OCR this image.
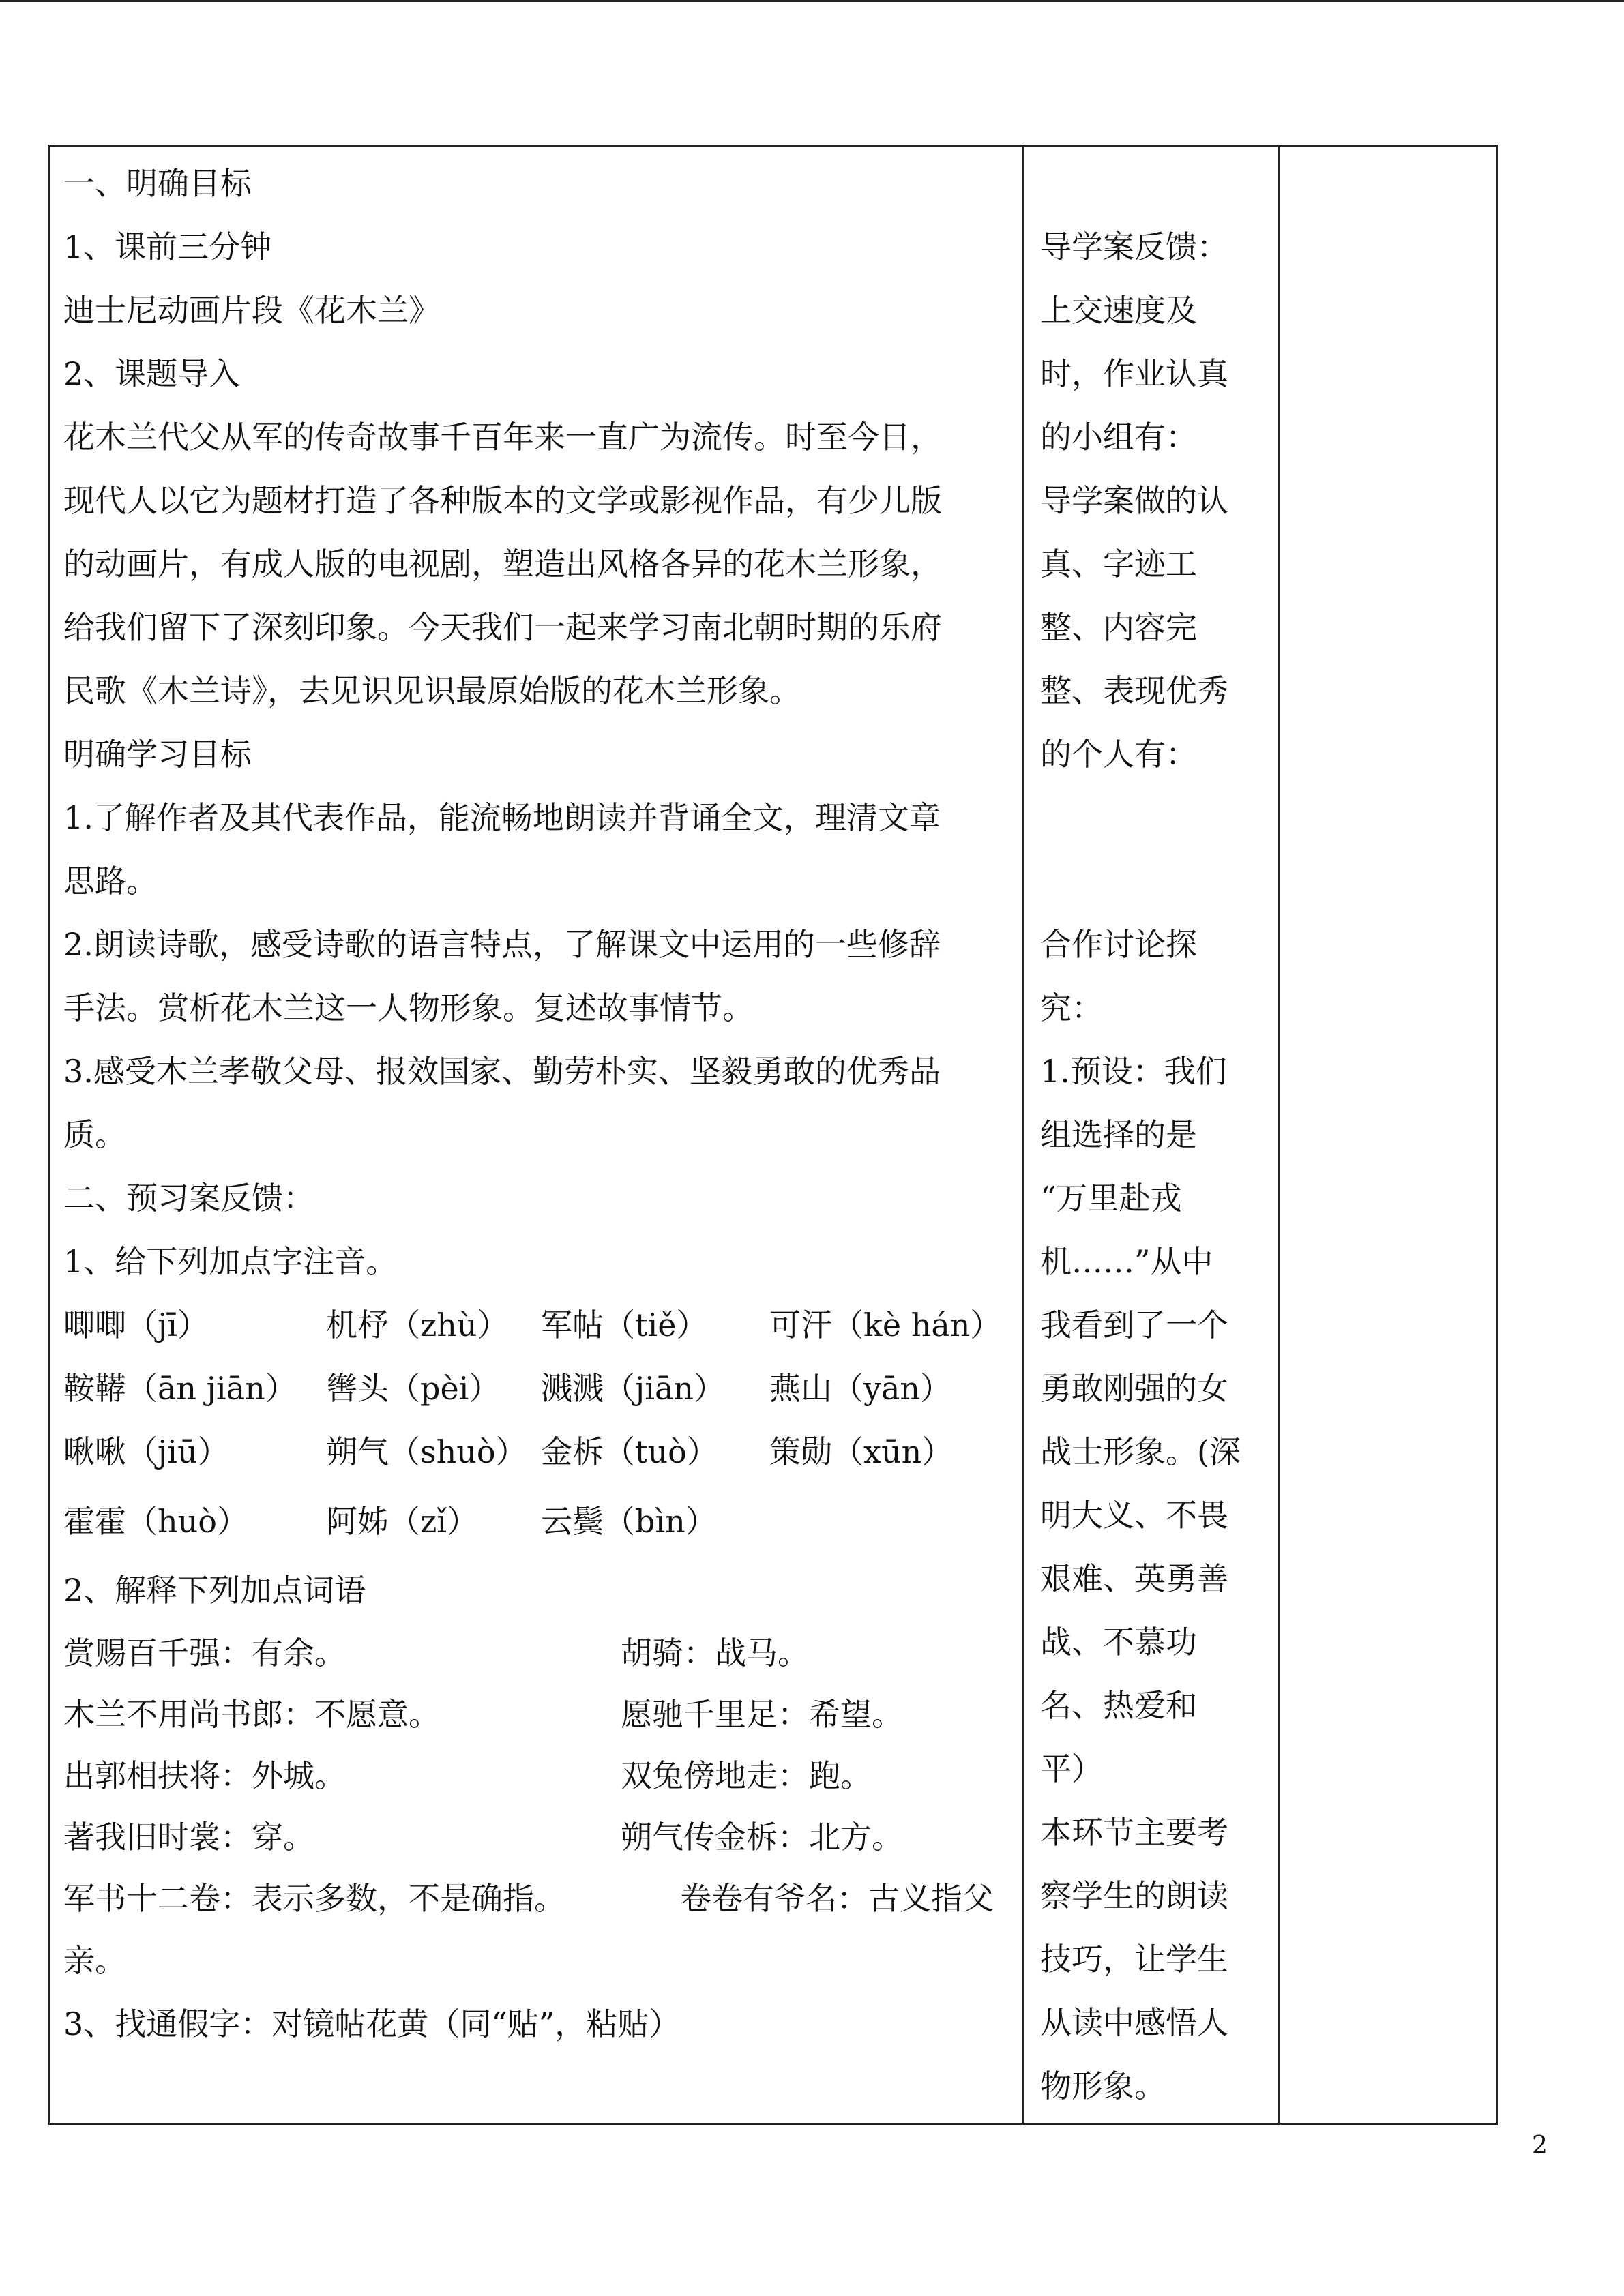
一、明确目标
1、课前三分钟
迪士尼动画片段《花木兰》
2、课题导入
花木兰代父从军的传奇故事千百年来一直广为流传。时至今日，
现代人以它为题材打造了各种版本的文学或影视作品，有少儿版
的动画片，有成人版的电视剧，塑造出风格各异的花木兰形象，
给我们留下了深刻印象。今天我们一起来学习南北朝时期的乐府
民歌《木兰诗》，去见识见识最原始版的花木兰形象。
明确学习目标
1.了解作者及其代表作品，能流畅地朗读并背诵全文，理清文章
思路。
2.朗读诗歌，感受诗歌的语言特点，了解课文中运用的一些修辞
手法。赏析花木兰这一人物形象。复述故事情节。
3.感受木兰孝敬父母、报效国家、勤劳朴实、坚毅勇敢的优秀品
质。
二、预习案反馈：
1、给下列加点字注音。
唧唧（jī）	机杼（zhù） 军帖（tiě） 可汗（kè hán）
鞍鞯（ān jiān） 辔头（pèi） 溅溅（jiān） 燕山（yān）
啾啾（jiū）	朔气（shuò） 金柝（tuò） 策勋（xūn）
霍霍（huò） 阿姊（zǐ） 云鬓（bìn）
2、解释下列加点词语
赏赐百千强：有余。	胡骑：战马。
木兰不用尚书郎：不愿意。	愿驰千里足：希望。
出郭相扶将：外城。	双兔傍地走：跑。
著我旧时裳：穿。	朔气传金柝：北方。
军书十二卷：表示多数，不是确指。	卷卷有爷名：古义指父
亲。
3、找通假字：对镜帖花黄（同“贴”，粘贴）
导学案反馈：
上交速度及
时，作业认真
的小组有：
导学案做的认
真、字迹工
整、内容完
整、表现优秀
的个人有：
合作讨论探
究：
1.预设：我们
组选择的是
“万里赴戎
机……”从中
我看到了一个
勇敢刚强的女
战士形象。(深
明大义、不畏
艰难、英勇善
战、不慕功
名、热爱和
平）
本环节主要考
察学生的朗读
技巧，让学生
从读中感悟人
物形象。
2
